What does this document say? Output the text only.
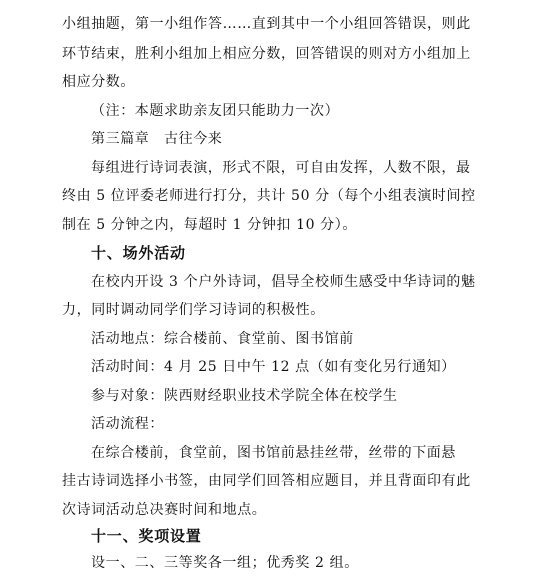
小组抽题，第一小组作答……直到其中一个小组回答错误，则此
环节结束，胜利小组加上相应分数，回答错误的则对方小组加上
相应分数。
（注：本题求助亲友团只能助力一次）
第三篇章　古往今来
每组进行诗词表演，形式不限，可自由发挥，人数不限，最
终由 5 位评委老师进行打分，共计 50 分（每个小组表演时间控
制在 5 分钟之内，每超时 1 分钟扣 10 分）。
十、场外活动
在校内开设 3 个户外诗词，倡导全校师生感受中华诗词的魅
力，同时调动同学们学习诗词的积极性。
活动地点：综合楼前、食堂前、图书馆前
活动时间：4 月 25 日中午 12 点（如有变化另行通知）
参与对象：陕西财经职业技术学院全体在校学生
活动流程：
在综合楼前，食堂前，图书馆前悬挂丝带，丝带的下面悬
挂古诗词选择小书签，由同学们回答相应题目，并且背面印有此
次诗词活动总决赛时间和地点。
十一、奖项设置
设一、二、三等奖各一组；优秀奖 2 组。
